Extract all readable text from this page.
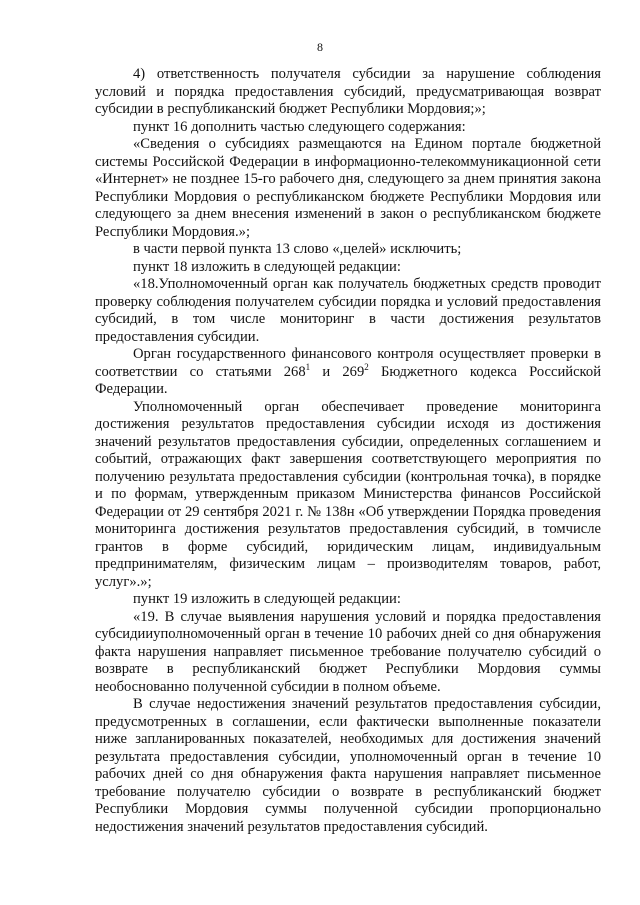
8

4) ответственность получателя субсидии за нарушение соблюдения условий и порядка предоставления субсидий, предусматривающая возврат субсидии в республиканский бюджет Республики Мордовия;»;

пункт 16 дополнить частью следующего содержания:

«Сведения о субсидиях размещаются на Едином портале бюджетной системы Российской Федерации в информационно-телекоммуникационной сети «Интернет» не позднее 15-го рабочего дня, следующего за днем принятия закона Республики Мордовия о республиканском бюджете Республики Мордовия или следующего за днем внесения изменений в закон о республиканском бюджете Республики Мордовия.»;

в части первой пункта 13 слово «,целей» исключить;

пункт 18 изложить в следующей редакции:

«18.Уполномоченный орган как получатель бюджетных средств проводит проверку соблюдения получателем субсидии порядка и условий предоставления субсидий, в том числе мониторинг в части достижения результатов предоставления субсидии.

Орган государственного финансового контроля осуществляет проверки в соответствии со статьями $268^1$ и $269^2$ Бюджетного кодекса Российской Федерации.

Уполномоченный орган обеспечивает проведение мониторинга достижения результатов предоставления субсидии исходя из достижения значений результатов предоставления субсидии, определенных соглашением и событий, отражающих факт завершения соответствующего мероприятия по получению результата предоставления субсидии (контрольная точка), в порядке и по формам, утвержденным приказом Министерства финансов Российской Федерации от 29 сентября 2021 г. № 138н «Об утверждении Порядка проведения мониторинга достижения результатов предоставления субсидий, в томчисле грантов в форме субсидий, юридическим лицам, индивидуальным предпринимателям, физическим лицам – производителям товаров, работ, услуг».»;

пункт 19 изложить в следующей редакции:

«19. В случае выявления нарушения условий и порядка предоставления субсидииуполномоченный орган в течение 10 рабочих дней со дня обнаружения факта нарушения направляет письменное требование получателю субсидий о возврате в республиканский бюджет Республики Мордовия суммы необоснованно полученной субсидии в полном объеме.

В случае недостижения значений результатов предоставления субсидии, предусмотренных в соглашении, если фактически выполненные показатели ниже запланированных показателей, необходимых для достижения значений результата предоставления субсидии, уполномоченный орган в течение 10 рабочих дней со дня обнаружения факта нарушения направляет письменное требование получателю субсидии о возврате в республиканский бюджет Республики Мордовия суммы полученной субсидии пропорционально недостижения значений результатов предоставления субсидий.
